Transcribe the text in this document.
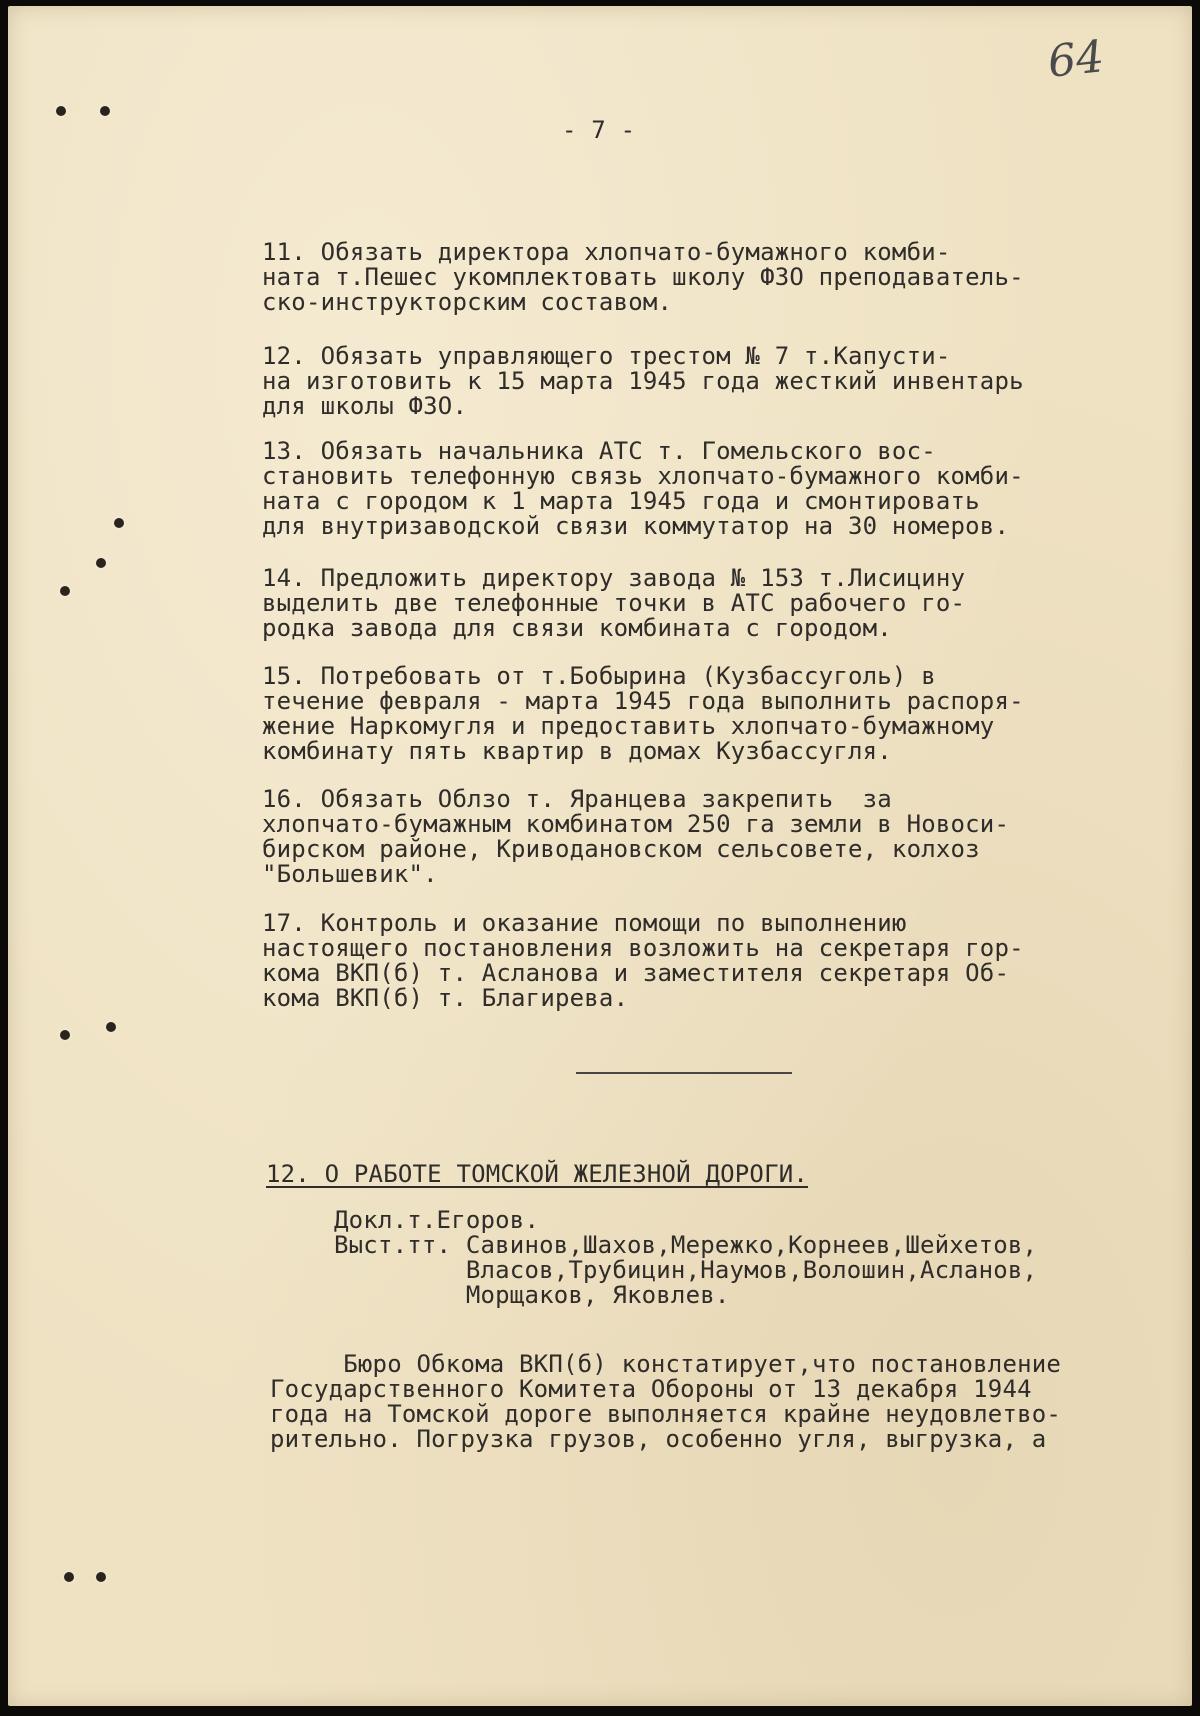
64
- 7 -

11. Обязать директора хлопчато-бумажного комби-
ната т.Пешес укомплектовать школу ФЗО преподаватель-
ско-инструкторским составом.

12. Обязать управляющего трестом № 7 т.Капусти-
на изготовить к 15 марта 1945 года жесткий инвентарь
для школы ФЗО.

13. Обязать начальника АТС т. Гомельского вос-
становить телефонную связь хлопчато-бумажного комби-
ната с городом к 1 марта 1945 года и смонтировать
для внутризаводской связи коммутатор на 30 номеров.

14. Предложить директору завода № 153 т.Лисицину
выделить две телефонные точки в АТС рабочего го-
родка завода для связи комбината с городом.

15. Потребовать от т.Бобырина (Кузбассуголь) в
течение февраля - марта 1945 года выполнить распоря-
жение Наркомугля и предоставить хлопчато-бумажному
комбинату пять квартир в домах Кузбассугля.

16. Обязать Облзо т. Яранцева закрепить  за
хлопчато-бумажным комбинатом 250 га земли в Новоси-
бирском районе, Криводановском сельсовете, колхоз
"Большевик".

17. Контроль и оказание помощи по выполнению
настоящего постановления возложить на секретаря гор-
кома ВКП(б) т. Асланова и заместителя секретаря Об-
кома ВКП(б) т. Благирева.

12. О РАБОТЕ ТОМСКОЙ ЖЕЛЕЗНОЙ ДОРОГИ.

Докл.т.Егоров.
Выст.тт. Савинов,Шахов,Мережко,Корнеев,Шейхетов,
Власов,Трубицин,Наумов,Волошин,Асланов,
Морщаков, Яковлев.

Бюро Обкома ВКП(б) констатирует,что постановление
Государственного Комитета Обороны от 13 декабря 1944
года на Томской дороге выполняется крайне неудовлетво-
рительно. Погрузка грузов, особенно угля, выгрузка, а
